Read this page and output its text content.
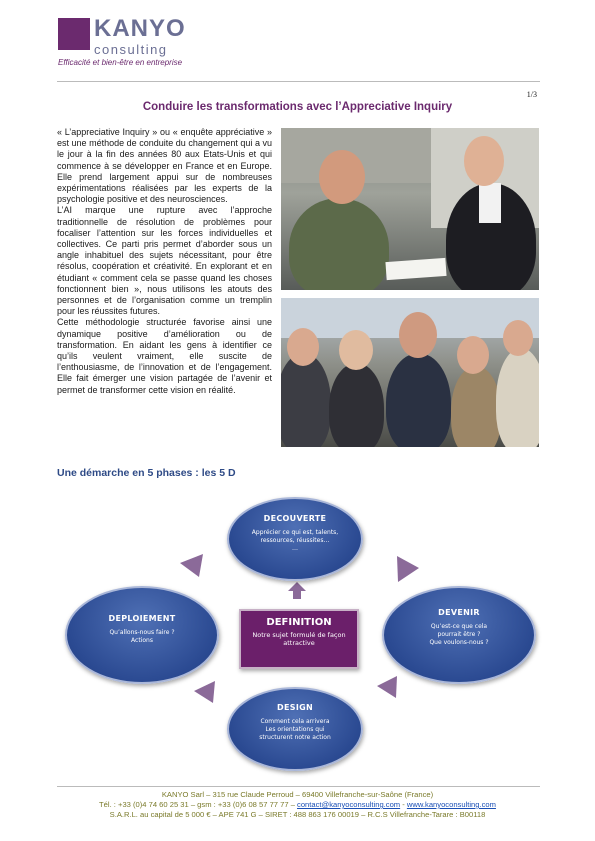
KANYO
consulting
Efficacité et bien-être en entreprise
1/3
Conduire les transformations avec l’Appreciative Inquiry

« L’appreciative Inquiry » ou « enquête appréciative » est une méthode de conduite du changement qui a vu le jour à la fin des années 80 aux Etats-Unis et qui commence à se développer en France et en Europe. Elle prend largement appui sur de nombreuses expérimentations réalisées par les experts de la psychologie positive et des neurosciences.

L’AI marque une rupture avec l’approche traditionnelle de résolution de problèmes pour focaliser l’attention sur les forces individuelles et collectives. Ce parti pris permet d’aborder sous un angle inhabituel des sujets nécessitant, pour être résolus, coopération et créativité. En explorant et en étudiant « comment cela se passe quand les choses fonctionnent bien », nous utilisons les atouts des personnes et de l’organisation comme un tremplin pour les réussites futures.

Cette méthodologie structurée favorise ainsi une dynamique positive d’amélioration ou de transformation. En aidant les gens à identifier ce qu’ils veulent vraiment, elle suscite de l’enthousiasme, de l’innovation et de l’engagement. Elle fait émerger une vision partagée de l’avenir et permet de transformer cette vision en réalité.

Une démarche en 5 phases : les 5 D
DECOUVERTE
Apprécier ce qui est, talents,
ressources, réussites…
…
DEVENIR
Qu’est-ce que cela
pourrait être ?
Que voulons-nous ?
DESIGN
Comment cela arrivera
Les orientations qui
structurent notre action
DEPLOIEMENT
Qu’allons-nous faire ?
Actions
DEFINITION
Notre sujet formulé de façon attractive
KANYO Sarl – 315 rue Claude Perroud – 69400 Villefranche-sur-Saône (France)
Tél. : +33 (0)4 74 60 25 31 – gsm : +33 (0)6 08 57 77 77 – contact@kanyoconsulting.com - www.kanyoconsulting.com
S.A.R.L. au capital de 5 000 € – APE 741 G – SIRET : 488 863 176 00019 – R.C.S Villefranche-Tarare : B00118
